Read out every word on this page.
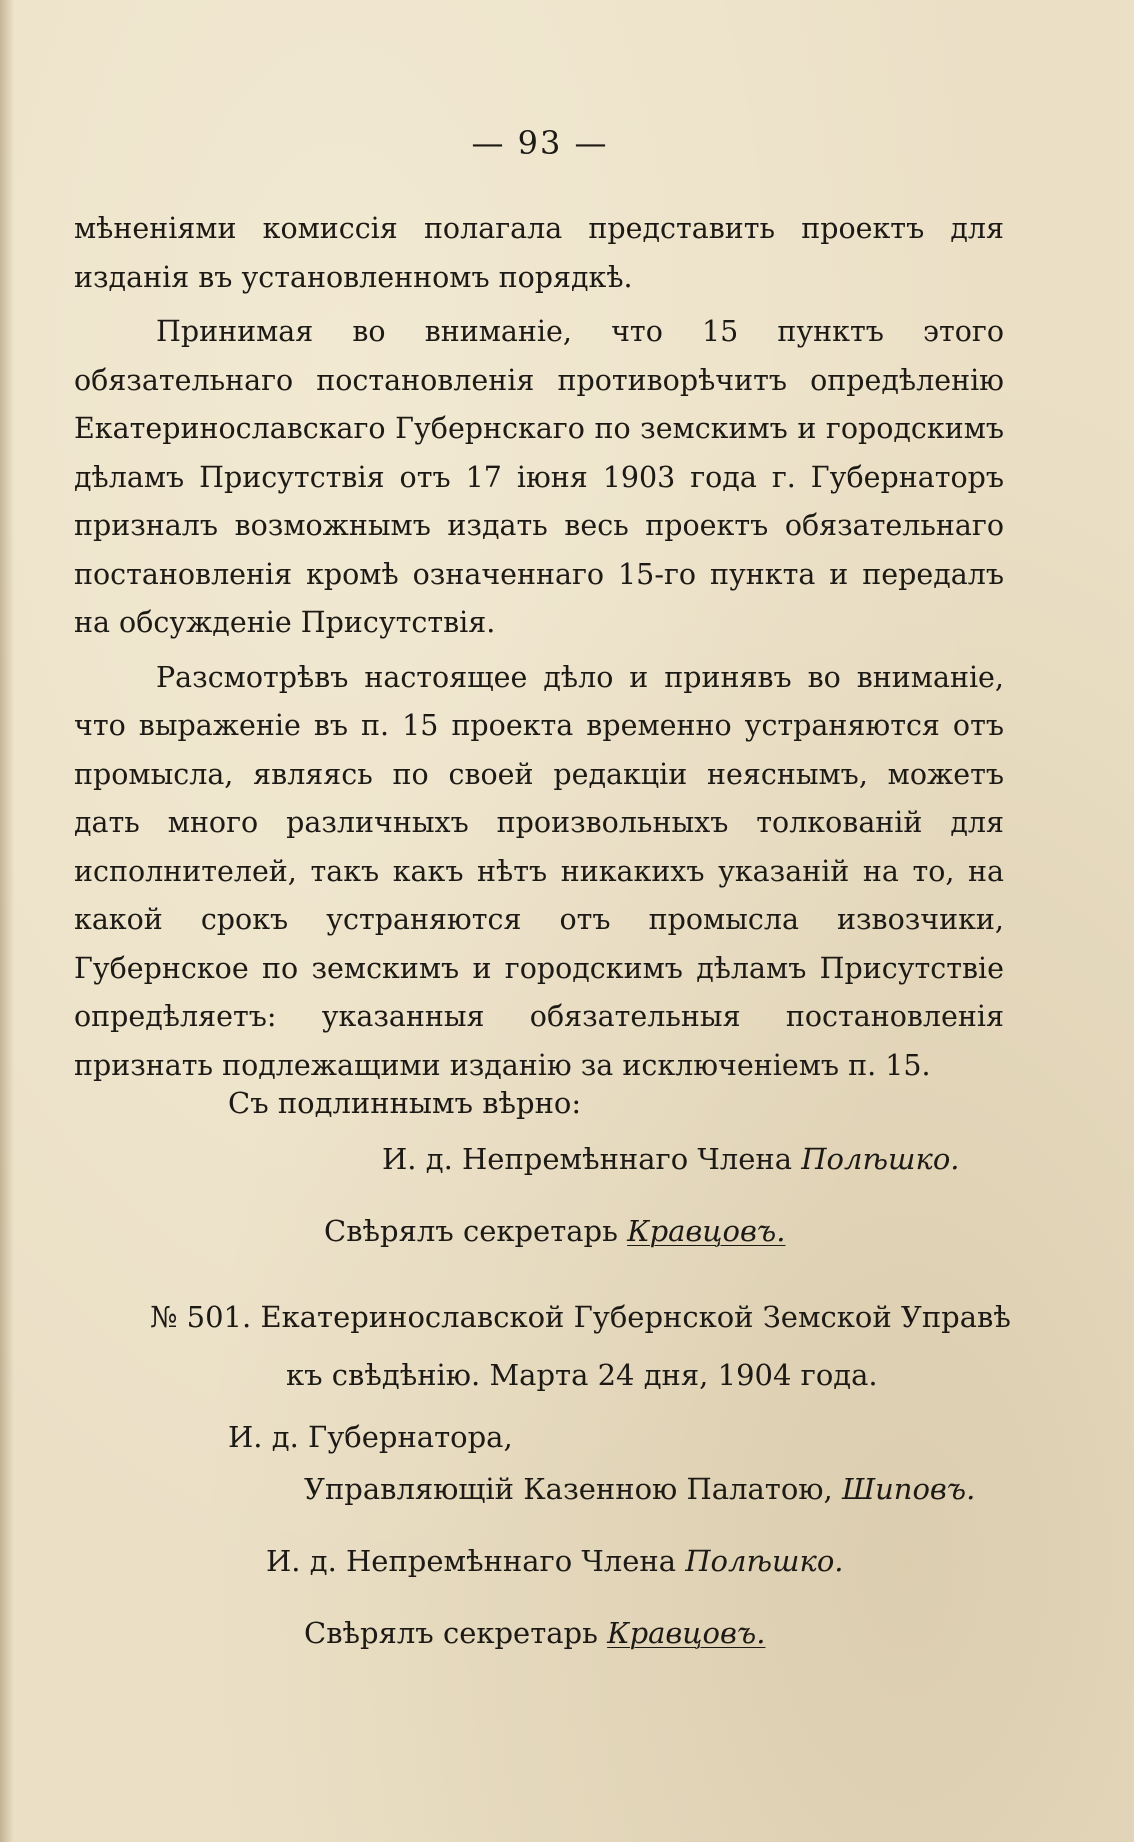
— 93 —

мѣненіями комиссія полагала представить проектъ для изданія въ установленномъ порядкѣ.

Принимая во вниманіе, что 15 пунктъ этого обязательнаго постановленія противорѣчитъ опредѣленію Екатеринославскаго Губернскаго по земскимъ и городскимъ дѣламъ Присутствія отъ 17 іюня 1903 года г. Губернаторъ призналъ возможнымъ издать весь проектъ обязательнаго постановленія кромѣ означеннаго 15-го пункта и передалъ на обсужденіе Присутствія.

Разсмотрѣвъ настоящее дѣло и принявъ во вниманіе, что выраженіе въ п. 15 проекта временно устраняются отъ промысла, являясь по своей редакціи неяснымъ, можетъ дать много различныхъ произвольныхъ толкованій для исполнителей, такъ какъ нѣтъ никакихъ указаній на то, на какой срокъ устраняются отъ промысла извозчики, Губернское по земскимъ и городскимъ дѣламъ Присутствіе опредѣляетъ: указанныя обязательныя постановленія признать подлежащими изданію за исключеніемъ п. 15.

Съ подлиннымъ вѣрно:
И. д. Непремѣннаго Члена Полѣшко.
Свѣрялъ секретарь Кравцовъ.
№ 501. Екатеринославской Губернской Земской Управѣ
къ свѣдѣнію. Марта 24 дня, 1904 года.
И. д. Губернатора,
Управляющій Казенною Палатою, Шиповъ.
И. д. Непремѣннаго Члена Полѣшко.
Свѣрялъ секретарь Кравцовъ.
